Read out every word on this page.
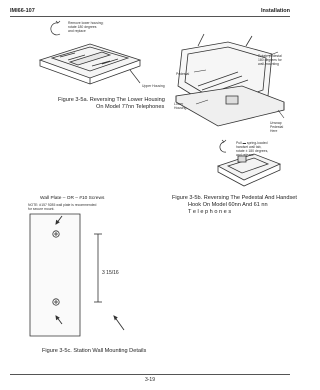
IMI66-107	Installation
Remove lower housing;
rotate 180 degrees
and replace
Upper Housing
Figure 3-5a. Reversing The Lower Housing
On Model 77nn Telephones
Pedestal
Lower
Housing
Rotate pedestal
180 degrees for
wall-mounting
Unsnap
Pedestal
Here
Pull ▬ spring-loaded
handset wall tab,
rotate ± 180 degrees,
and release
Figure 3-5b. Reversing The Pedestal And Handset
Hook On Model 60nn And 61 nn
T e l e p h o n e s
Wall Plate – OR – #10 Screws
NOTE: #157 9285 wall plate is recommended
for secure mount.
3 15/16
Figure 3-5c. Station Wall Mounting Details
3-19
